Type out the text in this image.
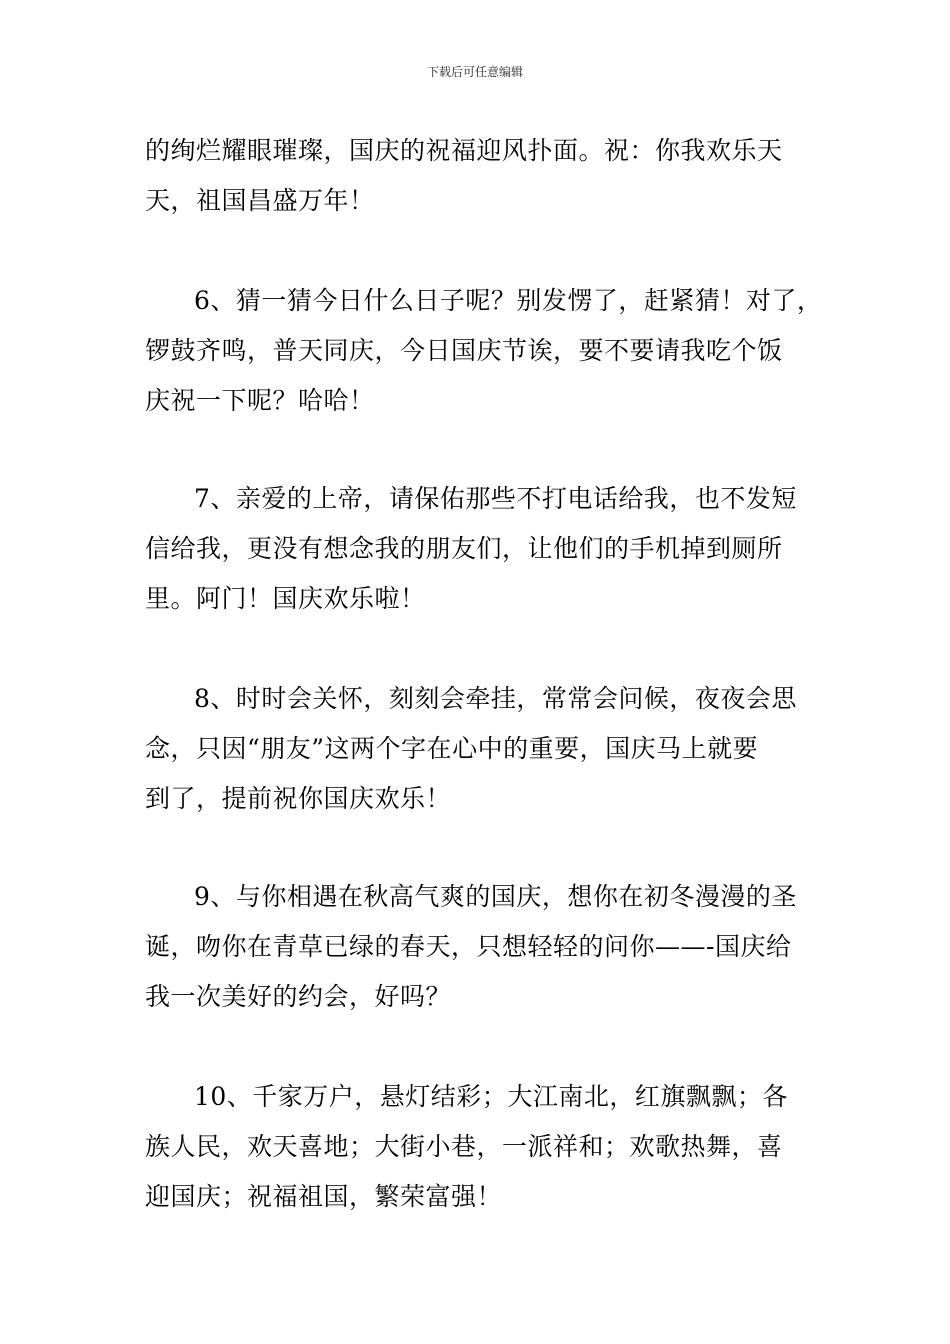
下载后可任意编辑
的绚烂耀眼璀璨，国庆的祝福迎风扑面。祝：你我欢乐天
天，祖国昌盛万年！
6、猜一猜今日什么日子呢？别发愣了，赶紧猜！对了，
锣鼓齐鸣，普天同庆，今日国庆节诶，要不要请我吃个饭
庆祝一下呢？哈哈！
7、亲爱的上帝，请保佑那些不打电话给我，也不发短
信给我，更没有想念我的朋友们，让他们的手机掉到厕所
里。阿门！国庆欢乐啦！
8、时时会关怀，刻刻会牵挂，常常会问候，夜夜会思
念，只因“朋友”这两个字在心中的重要，国庆马上就要
到了，提前祝你国庆欢乐！
9、与你相遇在秋高气爽的国庆，想你在初冬漫漫的圣
诞，吻你在青草已绿的春天，只想轻轻的问你——-国庆给
我一次美好的约会，好吗？
10、千家万户，悬灯结彩；大江南北，红旗飘飘；各
族人民，欢天喜地；大街小巷，一派祥和；欢歌热舞，喜
迎国庆；祝福祖国，繁荣富强！
